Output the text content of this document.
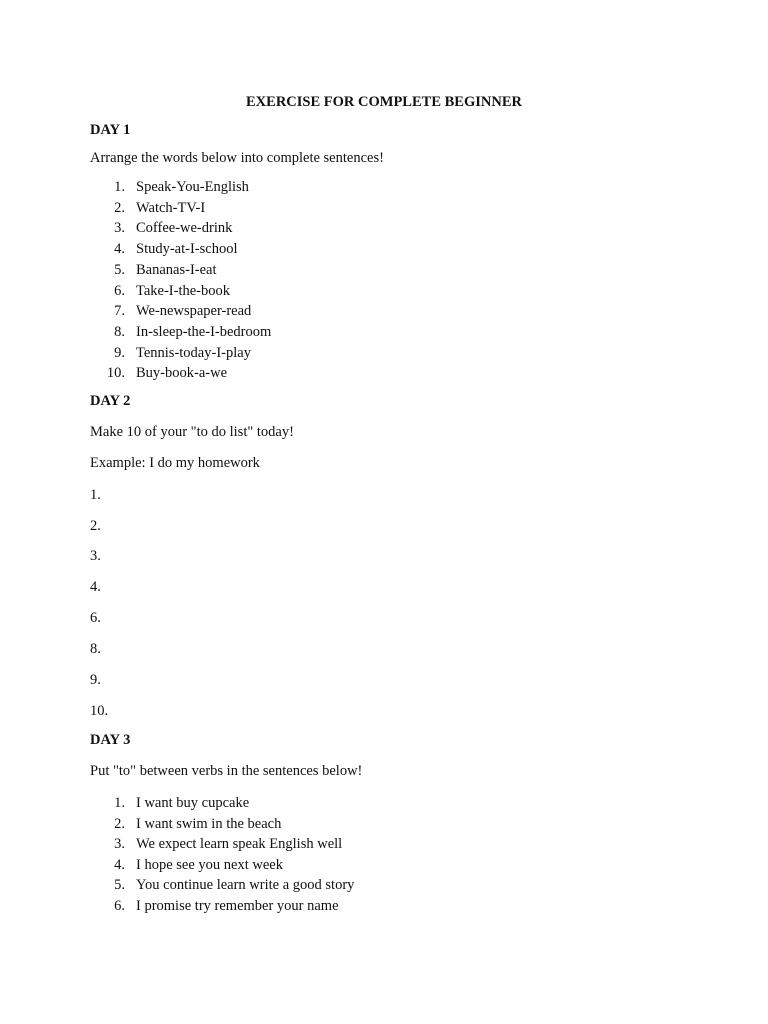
EXERCISE FOR COMPLETE BEGINNER
DAY 1
Arrange the words below into complete sentences!
1. Speak-You-English
2. Watch-TV-I
3. Coffee-we-drink
4. Study-at-I-school
5. Bananas-I-eat
6. Take-I-the-book
7. We-newspaper-read
8. In-sleep-the-I-bedroom
9. Tennis-today-I-play
10. Buy-book-a-we
DAY 2
Make 10 of your "to do list" today!
Example: I do my homework
1.
2.
3.
4.
6.
8.
9.
10.
DAY 3
Put "to" between verbs in the sentences below!
1. I want buy cupcake
2. I want swim in the beach
3. We expect learn speak English well
4. I hope see you next week
5. You continue learn write a good story
6. I promise try remember your name
